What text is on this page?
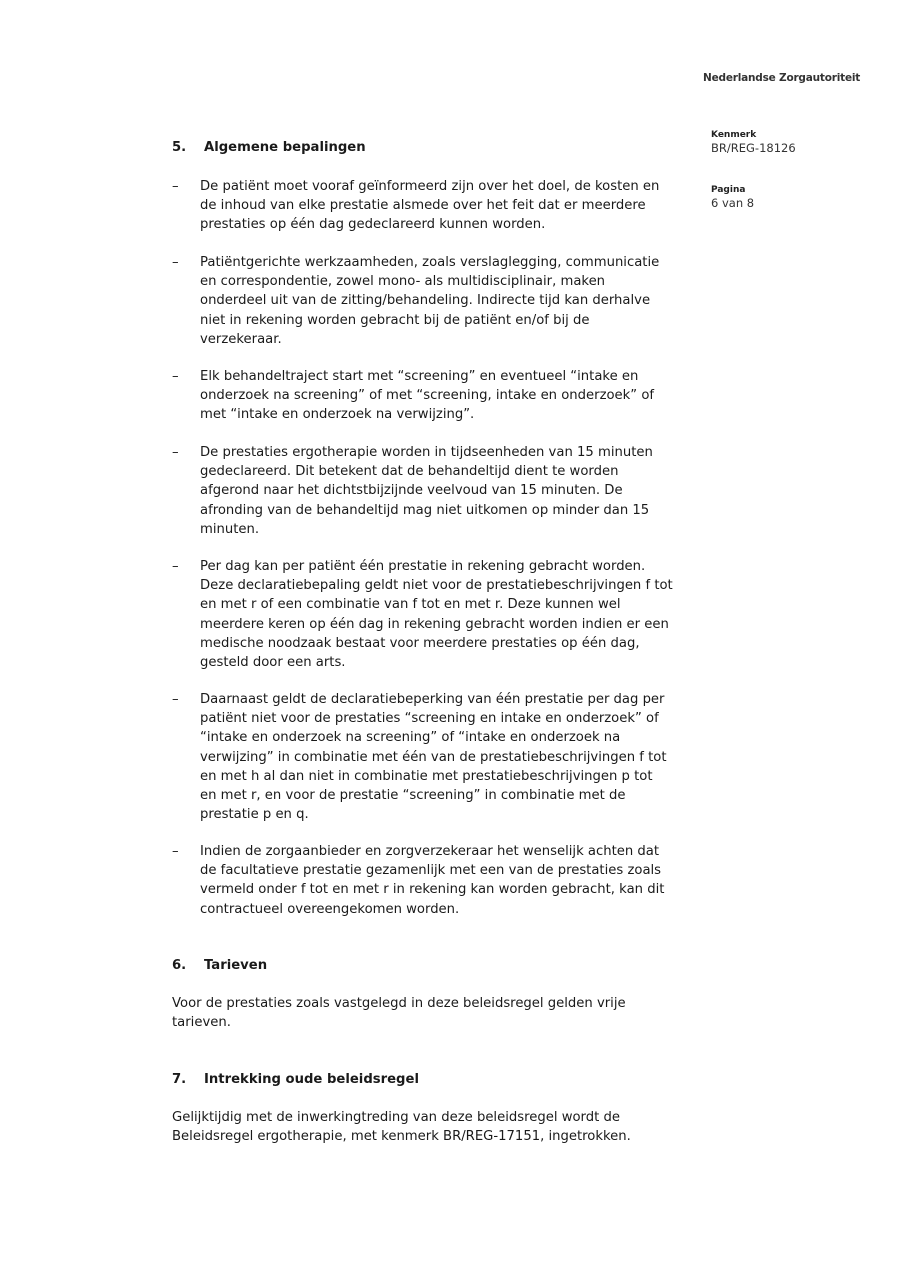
Nederlandse Zorgautoriteit
Kenmerk
BR/REG-18126
Pagina
6 van 8
5. Algemene bepalingen
– De patiënt moet vooraf geïnformeerd zijn over het doel, de kosten en
de inhoud van elke prestatie alsmede over het feit dat er meerdere
prestaties op één dag gedeclareerd kunnen worden.
– Patiëntgerichte werkzaamheden, zoals verslaglegging, communicatie
en correspondentie, zowel mono- als multidisciplinair, maken
onderdeel uit van de zitting/behandeling. Indirecte tijd kan derhalve
niet in rekening worden gebracht bij de patiënt en/of bij de
verzekeraar.
– Elk behandeltraject start met “screening” en eventueel “intake en
onderzoek na screening” of met “screening, intake en onderzoek” of
met “intake en onderzoek na verwijzing”.
– De prestaties ergotherapie worden in tijdseenheden van 15 minuten
gedeclareerd. Dit betekent dat de behandeltijd dient te worden
afgerond naar het dichtstbijzijnde veelvoud van 15 minuten. De
afronding van de behandeltijd mag niet uitkomen op minder dan 15
minuten.
– Per dag kan per patiënt één prestatie in rekening gebracht worden.
Deze declaratiebepaling geldt niet voor de prestatiebeschrijvingen f tot
en met r of een combinatie van f tot en met r. Deze kunnen wel
meerdere keren op één dag in rekening gebracht worden indien er een
medische noodzaak bestaat voor meerdere prestaties op één dag,
gesteld door een arts.
– Daarnaast geldt de declaratiebeperking van één prestatie per dag per
patiënt niet voor de prestaties “screening en intake en onderzoek” of
“intake en onderzoek na screening” of “intake en onderzoek na
verwijzing” in combinatie met één van de prestatiebeschrijvingen f tot
en met h al dan niet in combinatie met prestatiebeschrijvingen p tot
en met r, en voor de prestatie “screening” in combinatie met de
prestatie p en q.
– Indien de zorgaanbieder en zorgverzekeraar het wenselijk achten dat
de facultatieve prestatie gezamenlijk met een van de prestaties zoals
vermeld onder f tot en met r in rekening kan worden gebracht, kan dit
contractueel overeengekomen worden.
6. Tarieven
Voor de prestaties zoals vastgelegd in deze beleidsregel gelden vrije
tarieven.
7. Intrekking oude beleidsregel
Gelijktijdig met de inwerkingtreding van deze beleidsregel wordt de
Beleidsregel ergotherapie, met kenmerk BR/REG-17151, ingetrokken.
